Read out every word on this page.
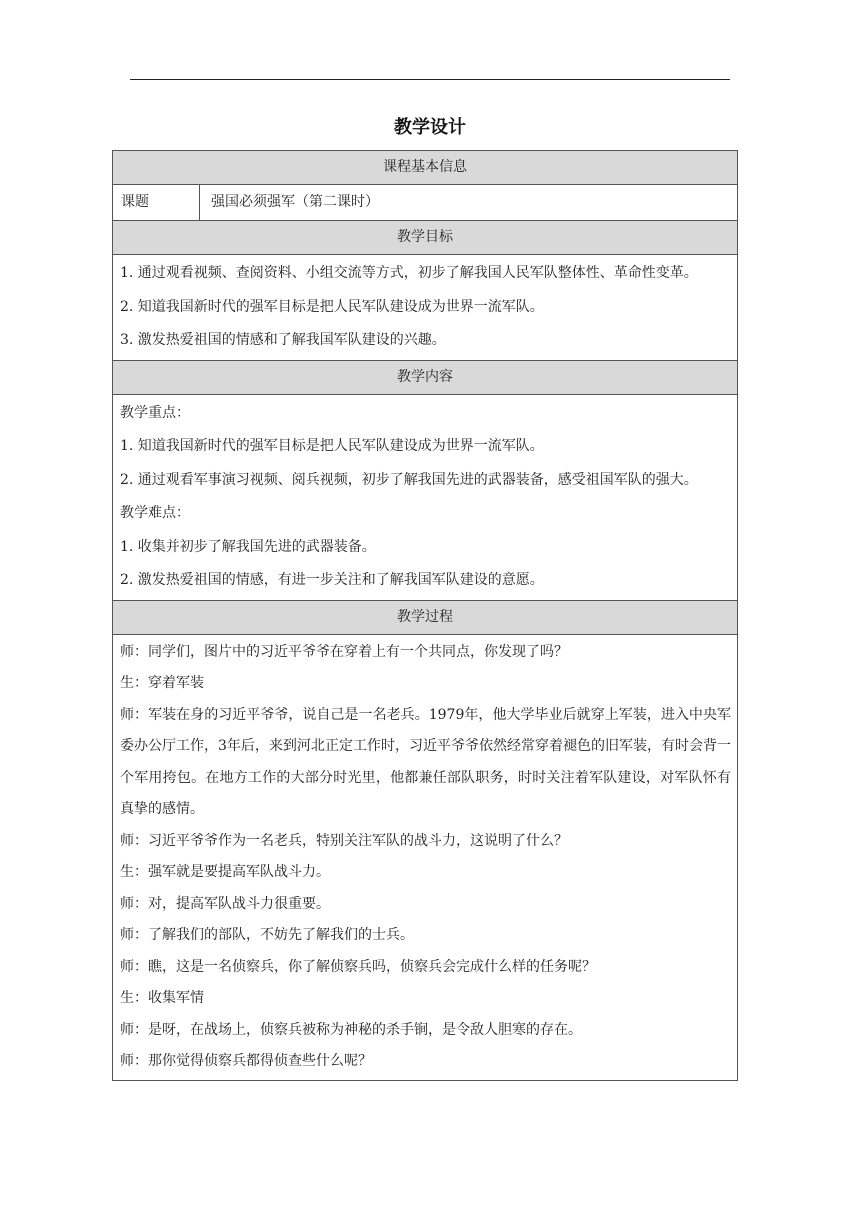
教学设计
课程基本信息
课题	强国必须强军（第二课时）
教学目标
1. 通过观看视频、查阅资料、小组交流等方式，初步了解我国人民军队整体性、革命性变革。
2. 知道我国新时代的强军目标是把人民军队建设成为世界一流军队。
3. 激发热爱祖国的情感和了解我国军队建设的兴趣。
教学内容
教学重点：
1. 知道我国新时代的强军目标是把人民军队建设成为世界一流军队。
2. 通过观看军事演习视频、阅兵视频，初步了解我国先进的武器装备，感受祖国军队的强大。
教学难点：
1. 收集并初步了解我国先进的武器装备。
2. 激发热爱祖国的情感，有进一步关注和了解我国军队建设的意愿。
教学过程
师：同学们，图片中的习近平爷爷在穿着上有一个共同点，你发现了吗？
生：穿着军装
师：军装在身的习近平爷爷，说自己是一名老兵。1979年，他大学毕业后就穿上军装，进入中央军委办公厅工作，3年后，来到河北正定工作时，习近平爷爷依然经常穿着褪色的旧军装，有时会背一个军用挎包。在地方工作的大部分时光里，他都兼任部队职务，时时关注着军队建设，对军队怀有真挚的感情。
师：习近平爷爷作为一名老兵，特别关注军队的战斗力，这说明了什么？
生：强军就是要提高军队战斗力。
师：对，提高军队战斗力很重要。
师：了解我们的部队，不妨先了解我们的士兵。
师：瞧，这是一名侦察兵，你了解侦察兵吗，侦察兵会完成什么样的任务呢？
生：收集军情
师：是呀，在战场上，侦察兵被称为神秘的杀手锏，是令敌人胆寒的存在。
师：那你觉得侦察兵都得侦查些什么呢？
